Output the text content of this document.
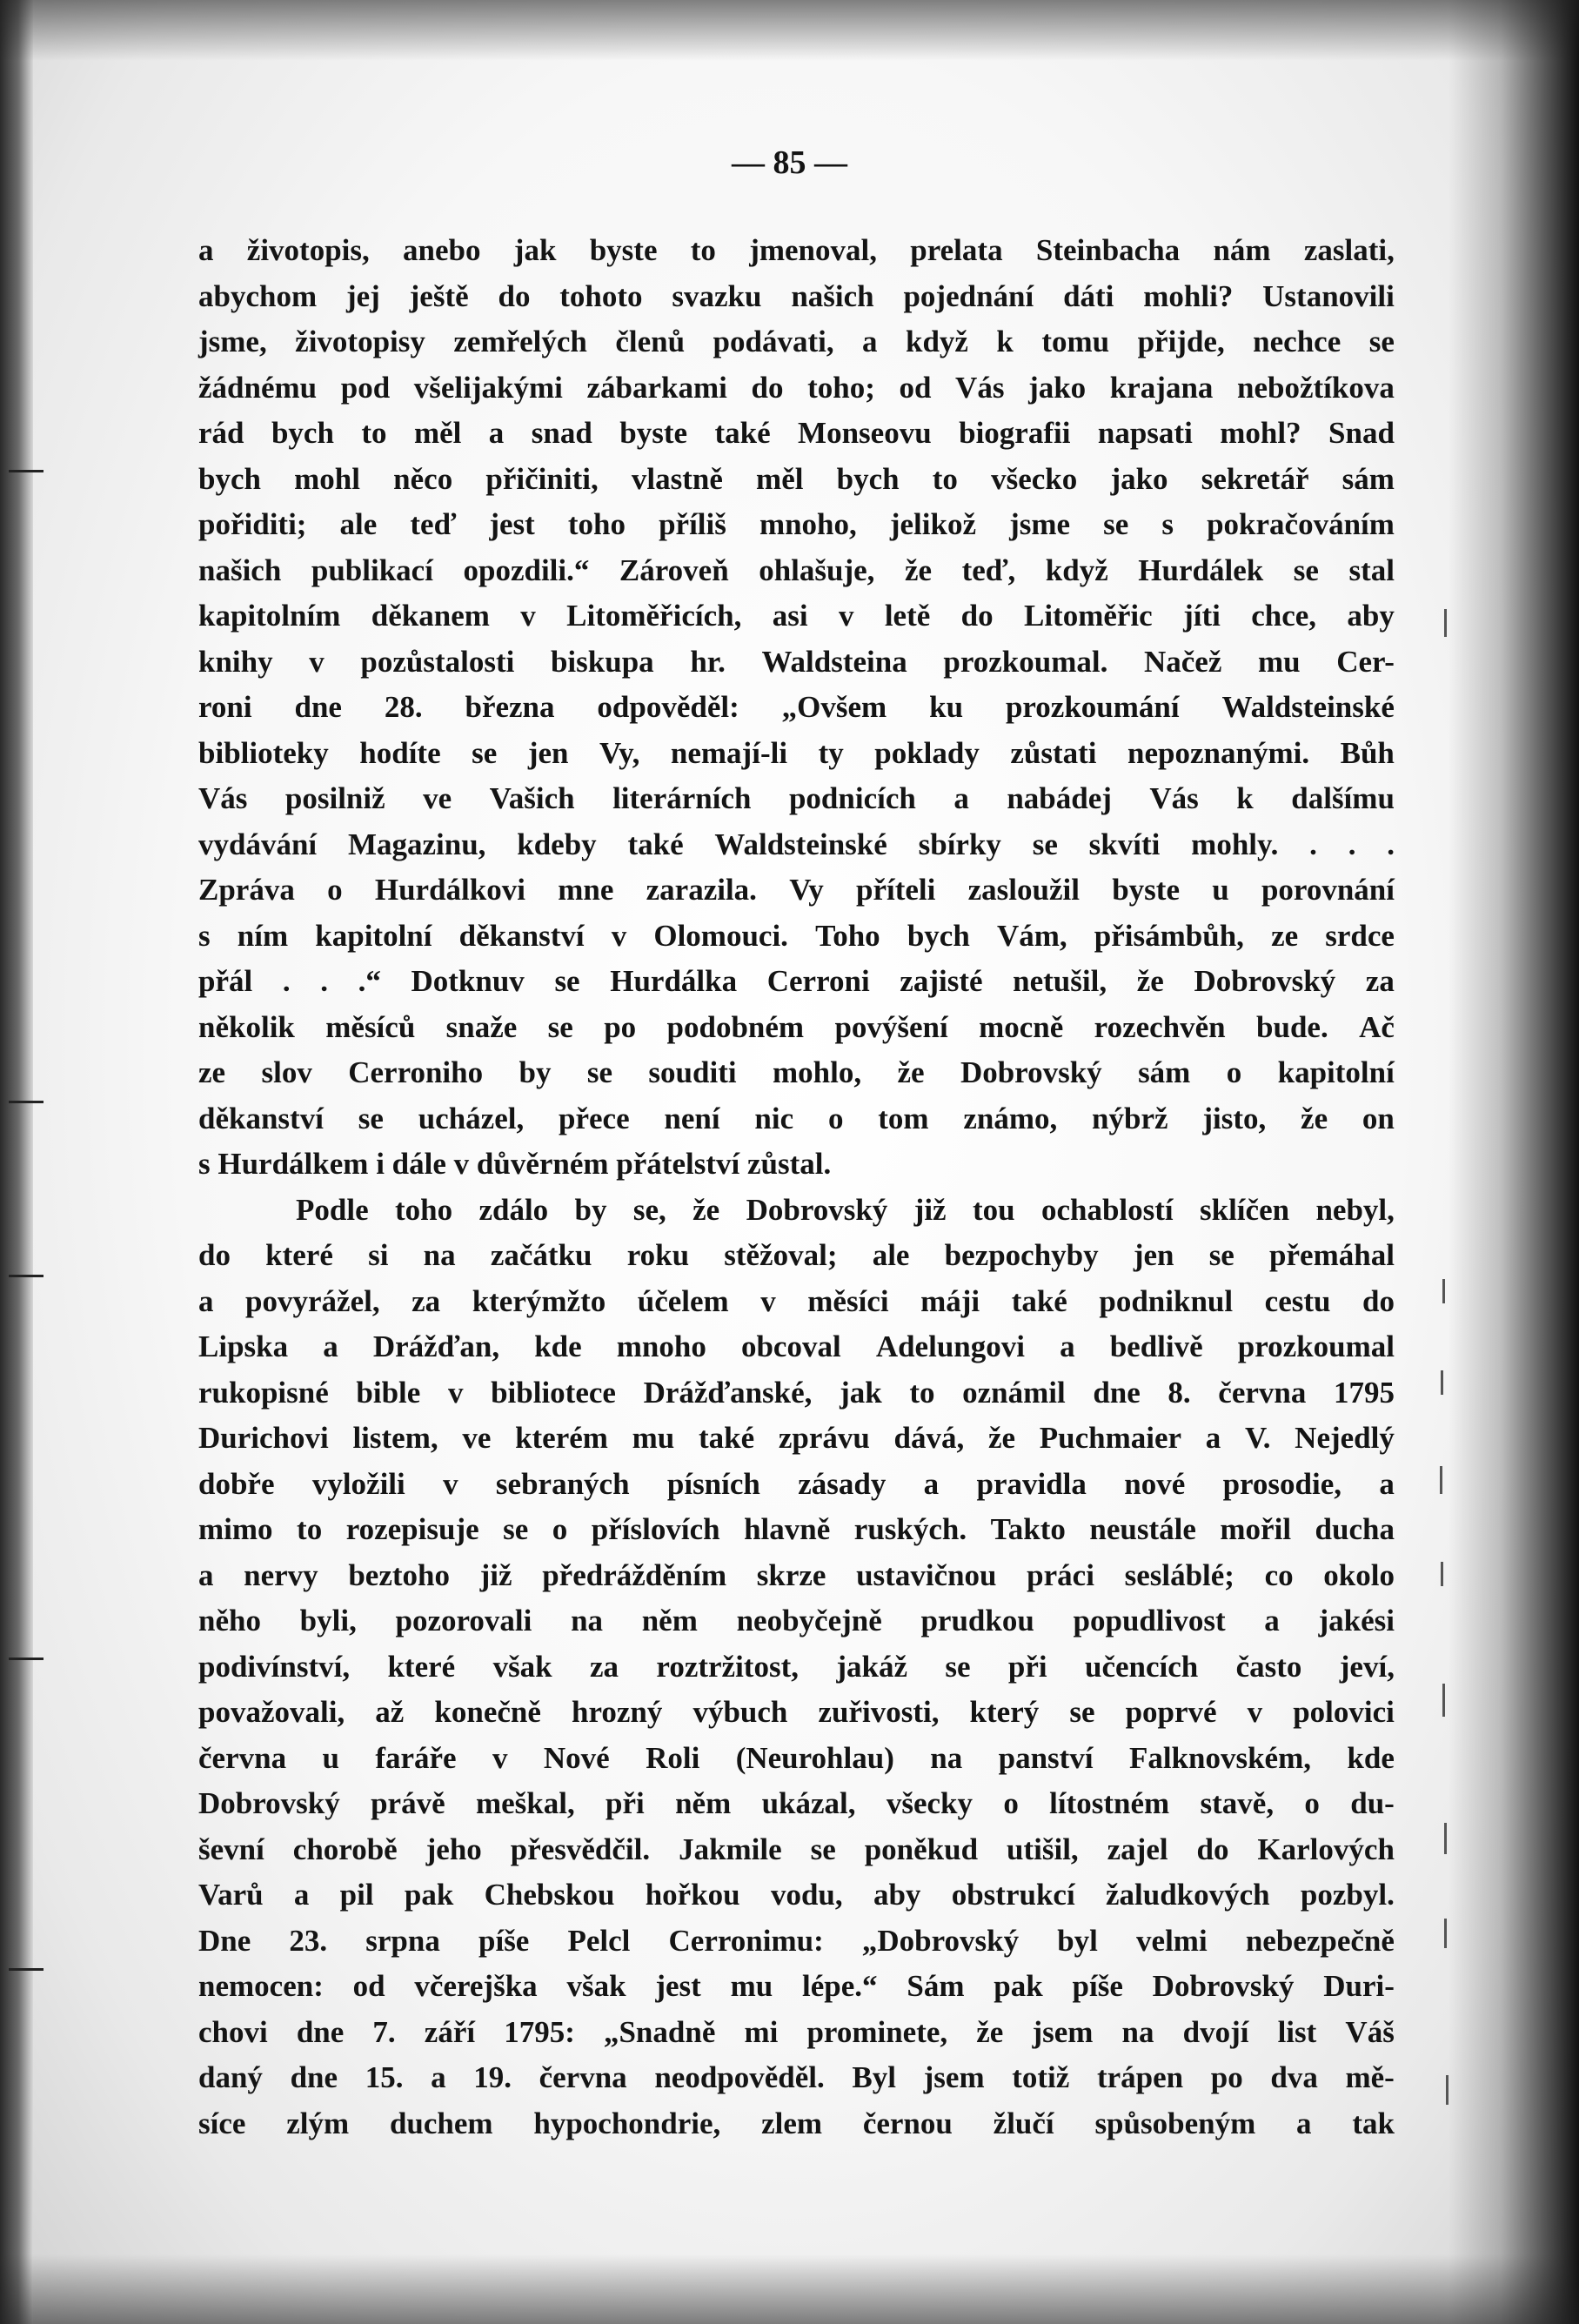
— 85 —
a životopis, anebo jak byste to jmenoval, prelata Steinbacha nám zaslati,
abychom jej ještě do tohoto svazku našich pojednání dáti mohli? Ustanovili
jsme, životopisy zemřelých členů podávati, a když k tomu přijde, nechce se
žádnému pod všelijakými zábarkami do toho; od Vás jako krajana nebožtíkova
rád bych to měl a snad byste také Monseovu biografii napsati mohl? Snad
bych mohl něco přičiniti, vlastně měl bych to všecko jako sekretář sám
pořiditi; ale teď jest toho příliš mnoho, jelikož jsme se s pokračováním
našich publikací opozdili.“ Zároveň ohlašuje, že teď, když Hurdálek se stal
kapitolním děkanem v Litoměřicích, asi v letě do Litoměřic jíti chce, aby
knihy v pozůstalosti biskupa hr. Waldsteina prozkoumal. Načež mu Cer-
roni dne 28. března odpověděl: „Ovšem ku prozkoumání Waldsteinské
biblioteky hodíte se jen Vy, nemají-li ty poklady zůstati nepoznanými. Bůh
Vás posilniž ve Vašich literárních podnicích a nabádej Vás k dalšímu
vydávání Magazinu, kdeby také Waldsteinské sbírky se skvíti mohly. . . .
Zpráva o Hurdálkovi mne zarazila. Vy příteli zasloužil byste u porovnání
s ním kapitolní děkanství v Olomouci. Toho bych Vám, přisámbůh, ze srdce
přál . . .“ Dotknuv se Hurdálka Cerroni zajisté netušil, že Dobrovský za
několik měsíců snaže se po podobném povýšení mocně rozechvěn bude. Ač
ze slov Cerroniho by se souditi mohlo, že Dobrovský sám o kapitolní
děkanství se ucházel, přece není nic o tom známo, nýbrž jisto, že on
s Hurdálkem i dále v důvěrném přátelství zůstal.
Podle toho zdálo by se, že Dobrovský již tou ochablostí sklíčen nebyl,
do které si na začátku roku stěžoval; ale bezpochyby jen se přemáhal
a povyrážel, za kterýmžto účelem v měsíci máji také podniknul cestu do
Lipska a Drážďan, kde mnoho obcoval Adelungovi a bedlivě prozkoumal
rukopisné bible v bibliotece Drážďanské, jak to oznámil dne 8. června 1795
Durichovi listem, ve kterém mu také zprávu dává, že Puchmaier a V. Nejedlý
dobře vyložili v sebraných písních zásady a pravidla nové prosodie, a
mimo to rozepisuje se o příslovích hlavně ruských. Takto neustále mořil ducha
a nervy beztoho již předrážděním skrze ustavičnou práci sesláblé; co okolo
něho byli, pozorovali na něm neobyčejně prudkou popudlivost a jakési
podivínství, které však za roztržitost, jakáž se při učencích často jeví,
považovali, až konečně hrozný výbuch zuřivosti, který se poprvé v polovici
června u faráře v Nové Roli (Neurohlau) na panství Falknovském, kde
Dobrovský právě meškal, při něm ukázal, všecky o lítostném stavě, o du-
ševní chorobě jeho přesvědčil. Jakmile se poněkud utišil, zajel do Karlových
Varů a pil pak Chebskou hořkou vodu, aby obstrukcí žaludkových pozbyl.
Dne 23. srpna píše Pelcl Cerronimu: „Dobrovský byl velmi nebezpečně
nemocen: od včerejška však jest mu lépe.“ Sám pak píše Dobrovský Duri-
chovi dne 7. září 1795: „Snadně mi prominete, že jsem na dvojí list Váš
daný dne 15. a 19. června neodpověděl. Byl jsem totiž trápen po dva mě-
síce zlým duchem hypochondrie, zlem černou žlučí spůsobeným a tak
